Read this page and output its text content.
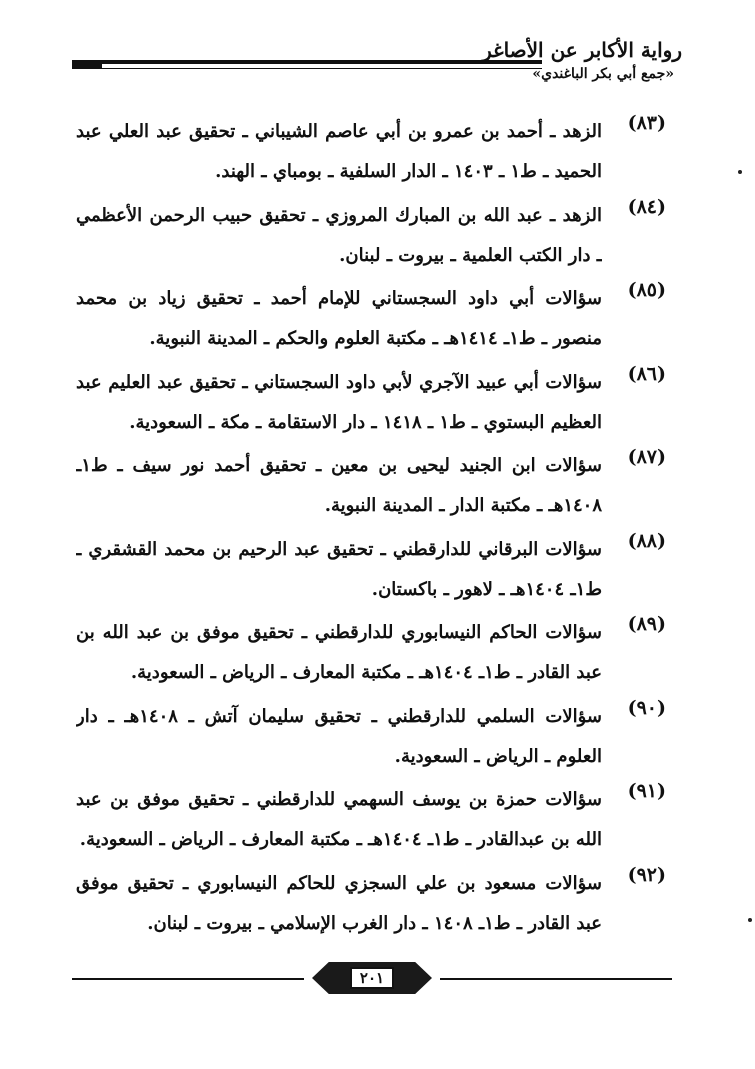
رواية الأكابر عن الأصاغر
«جمع أبي بكر الباغندي»
(٨٣)
الزهد ـ أحمد بن عمرو بن أبي عاصم الشيباني ـ تحقيق عبد العلي عبد الحميد ـ ط١ ـ ١٤٠٣ ـ الدار السلفية ـ بومباي ـ الهند.
(٨٤)
الزهد ـ عبد الله بن المبارك المروزي ـ تحقيق حبيب الرحمن الأعظمي ـ دار الكتب العلمية ـ بيروت ـ لبنان.
(٨٥)
سؤالات أبي داود السجستاني للإمام أحمد ـ تحقيق زياد بن محمد منصور ـ ط١ـ ١٤١٤هـ ـ مكتبة العلوم والحكم ـ المدينة النبوية.
(٨٦)
سؤالات أبي عبيد الآجري لأبي داود السجستاني ـ تحقيق عبد العليم عبد العظيم البستوي ـ ط١ ـ ١٤١٨ ـ دار الاستقامة ـ مكة ـ السعودية.
(٨٧)
سؤالات ابن الجنيد ليحيى بن معين ـ تحقيق أحمد نور سيف ـ ط١ـ ١٤٠٨هـ ـ مكتبة الدار ـ المدينة النبوية.
(٨٨)
سؤالات البرقاني للدارقطني ـ تحقيق عبد الرحيم بن محمد القشقري ـ ط١ـ ١٤٠٤هـ ـ لاهور ـ باكستان.
(٨٩)
سؤالات الحاكم النيسابوري للدارقطني ـ تحقيق موفق بن عبد الله بن عبد القادر ـ ط١ـ ١٤٠٤هـ ـ مكتبة المعارف ـ الرياض ـ السعودية.
(٩٠)
سؤالات السلمي للدارقطني ـ تحقيق سليمان آتش ـ ١٤٠٨هـ ـ دار العلوم ـ الرياض ـ السعودية.
(٩١)
سؤالات حمزة بن يوسف السهمي للدارقطني ـ تحقيق موفق بن عبد الله بن عبدالقادر ـ ط١ـ ١٤٠٤هـ ـ مكتبة المعارف ـ الرياض ـ السعودية.
(٩٢)
سؤالات مسعود بن علي السجزي للحاكم النيسابوري ـ تحقيق موفق عبد القادر ـ ط١ـ ١٤٠٨ ـ دار الغرب الإسلامي ـ بيروت ـ لبنان.
٢٠١
